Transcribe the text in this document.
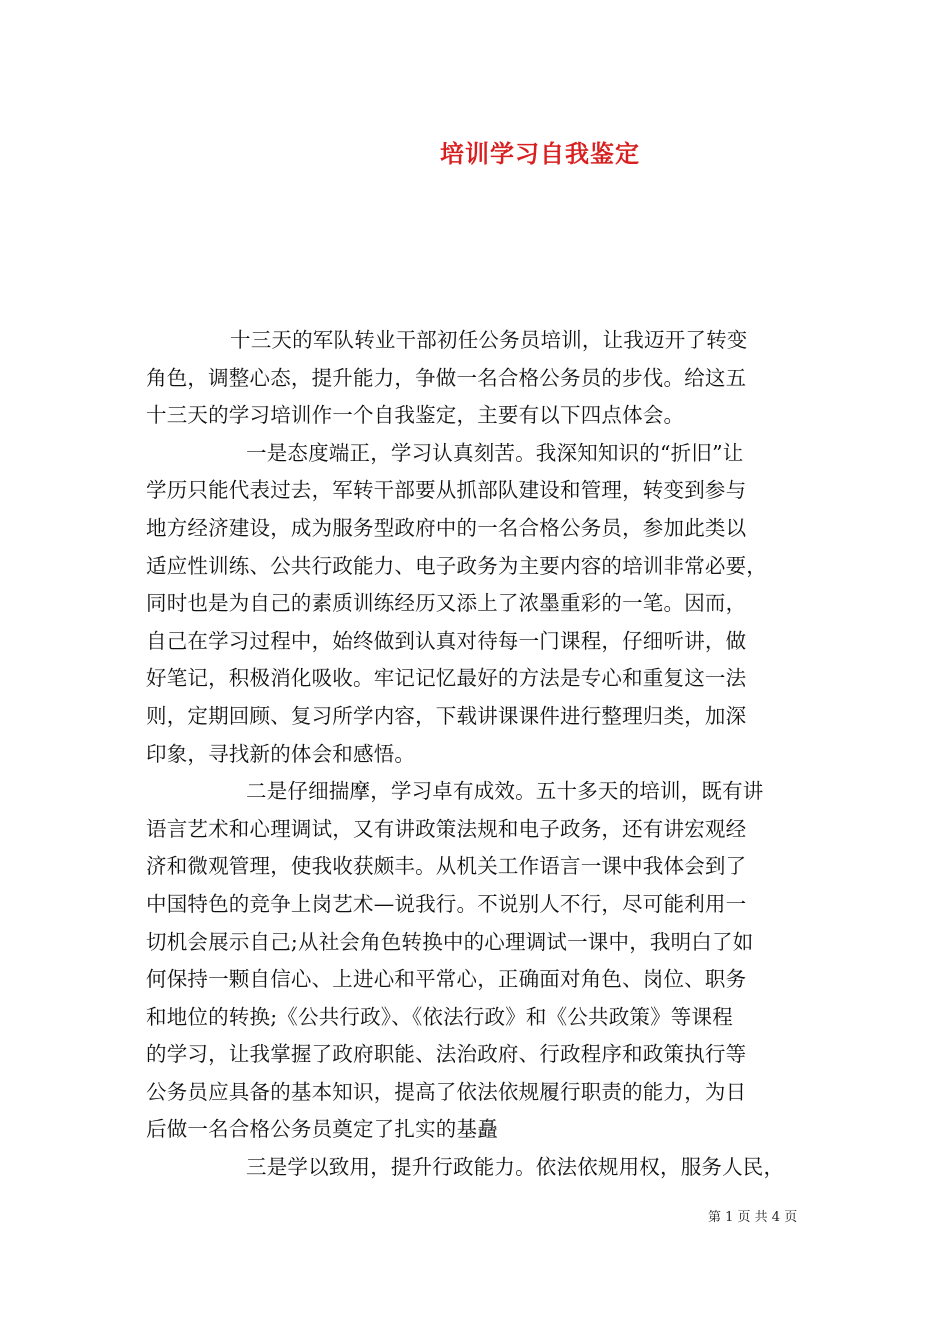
培训学习自我鉴定
十三天的军队转业干部初任公务员培训，让我迈开了转变
角色，调整心态，提升能力，争做一名合格公务员的步伐。给这五
十三天的学习培训作一个自我鉴定，主要有以下四点体会。
一是态度端正，学习认真刻苦。我深知知识的“折旧”让
学历只能代表过去，军转干部要从抓部队建设和管理，转变到参与
地方经济建设，成为服务型政府中的一名合格公务员，参加此类以
适应性训练、公共行政能力、电子政务为主要内容的培训非常必要，
同时也是为自己的素质训练经历又添上了浓墨重彩的一笔。因而，
自己在学习过程中，始终做到认真对待每一门课程，仔细听讲，做
好笔记，积极消化吸收。牢记记忆最好的方法是专心和重复这一法
则，定期回顾、复习所学内容，下载讲课课件进行整理归类，加深
印象，寻找新的体会和感悟。
二是仔细揣摩，学习卓有成效。五十多天的培训，既有讲
语言艺术和心理调试，又有讲政策法规和电子政务，还有讲宏观经
济和微观管理，使我收获颇丰。从机关工作语言一课中我体会到了
中国特色的竞争上岗艺术—说我行。不说别人不行，尽可能利用一
切机会展示自己;从社会角色转换中的心理调试一课中，我明白了如
何保持一颗自信心、上进心和平常心，正确面对角色、岗位、职务
和地位的转换;《公共行政》、《依法行政》和《公共政策》等课程
的学习，让我掌握了政府职能、法治政府、行政程序和政策执行等
公务员应具备的基本知识，提高了依法依规履行职责的能力，为日
后做一名合格公务员奠定了扎实的基矗
三是学以致用，提升行政能力。依法依规用权，服务人民，
第 1 页 共 4 页
